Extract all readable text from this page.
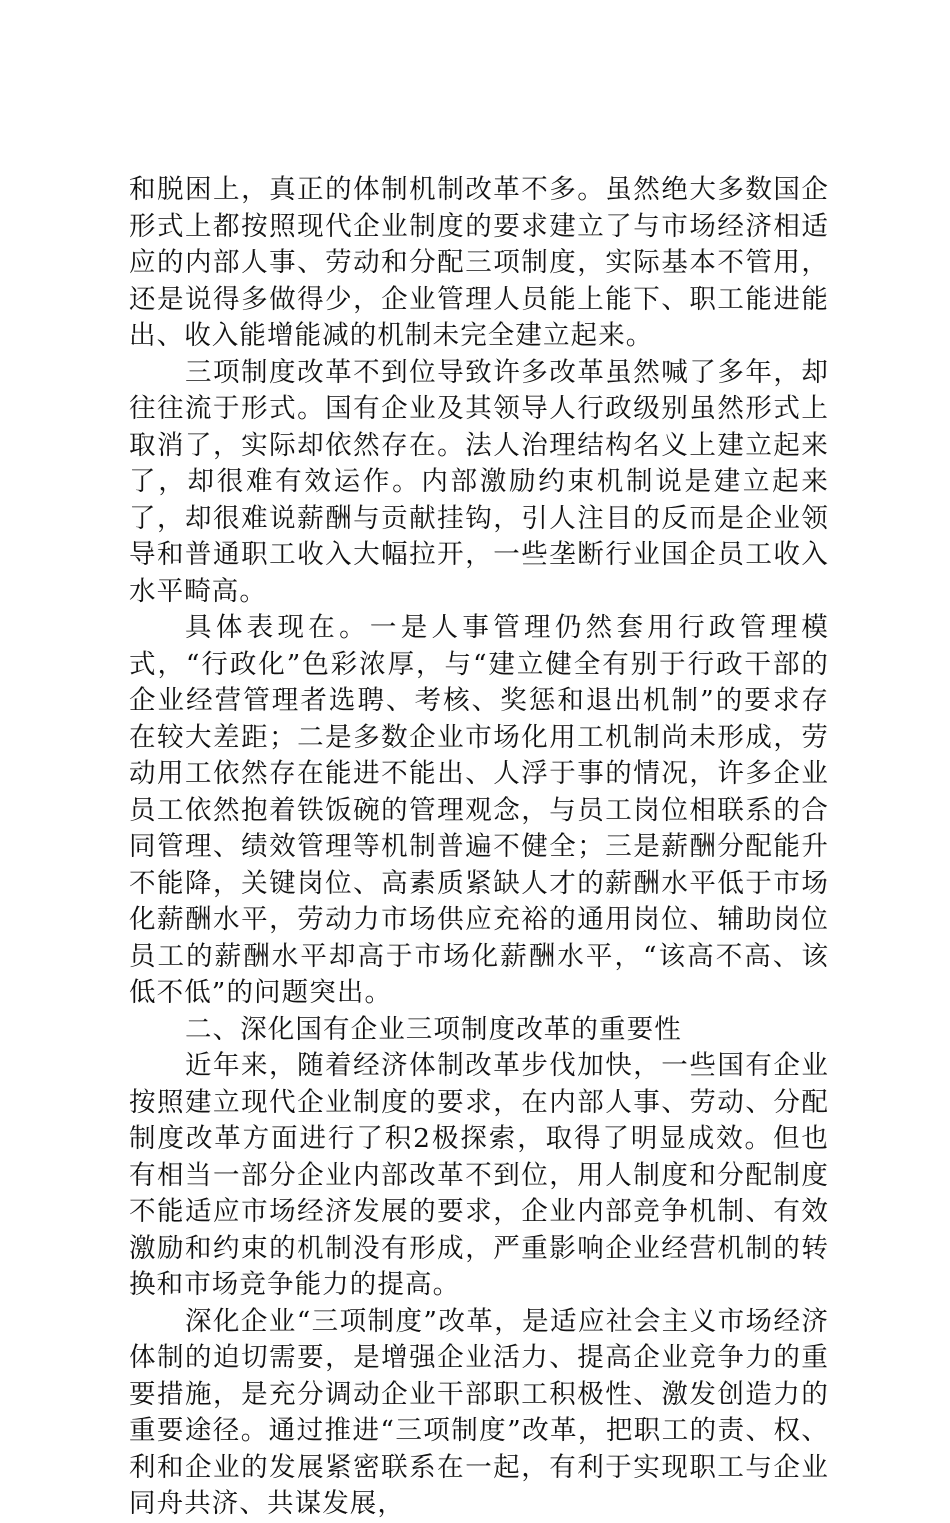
和脱困上，真正的体制机制改革不多。虽然绝大多数国企形式上都按照现代企业制度的要求建立了与市场经济相适应的内部人事、劳动和分配三项制度，实际基本不管用，还是说得多做得少，企业管理人员能上能下、职工能进能出、收入能增能减的机制未完全建立起来。

三项制度改革不到位导致许多改革虽然喊了多年，却往往流于形式。国有企业及其领导人行政级别虽然形式上取消了，实际却依然存在。法人治理结构名义上建立起来了，却很难有效运作。内部激励约束机制说是建立起来了，却很难说薪酬与贡献挂钩，引人注目的反而是企业领导和普通职工收入大幅拉开，一些垄断行业国企员工收入水平畸高。

具体表现在。一是人事管理仍然套用行政管理模式，“行政化”色彩浓厚，与“建立健全有别于行政干部的企业经营管理者选聘、考核、奖惩和退出机制”的要求存在较大差距；二是多数企业市场化用工机制尚未形成，劳动用工依然存在能进不能出、人浮于事的情况，许多企业员工依然抱着铁饭碗的管理观念，与员工岗位相联系的合同管理、绩效管理等机制普遍不健全；三是薪酬分配能升不能降，关键岗位、高素质紧缺人才的薪酬水平低于市场化薪酬水平，劳动力市场供应充裕的通用岗位、辅助岗位员工的薪酬水平却高于市场化薪酬水平，“该高不高、该低不低”的问题突出。

二、深化国有企业三项制度改革的重要性

近年来，随着经济体制改革步伐加快，一些国有企业按照建立现代企业制度的要求，在内部人事、劳动、分配制度改革方面进行了积2极探索，取得了明显成效。但也有相当一部分企业内部改革不到位，用人制度和分配制度不能适应市场经济发展的要求，企业内部竞争机制、有效激励和约束的机制没有形成，严重影响企业经营机制的转换和市场竞争能力的提高。

深化企业“三项制度”改革，是适应社会主义市场经济体制的迫切需要，是增强企业活力、提高企业竞争力的重要措施，是充分调动企业干部职工积极性、激发创造力的重要途径。通过推进“三项制度”改革，把职工的责、权、利和企业的发展紧密联系在一起，有利于实现职工与企业同舟共济、共谋发展，
